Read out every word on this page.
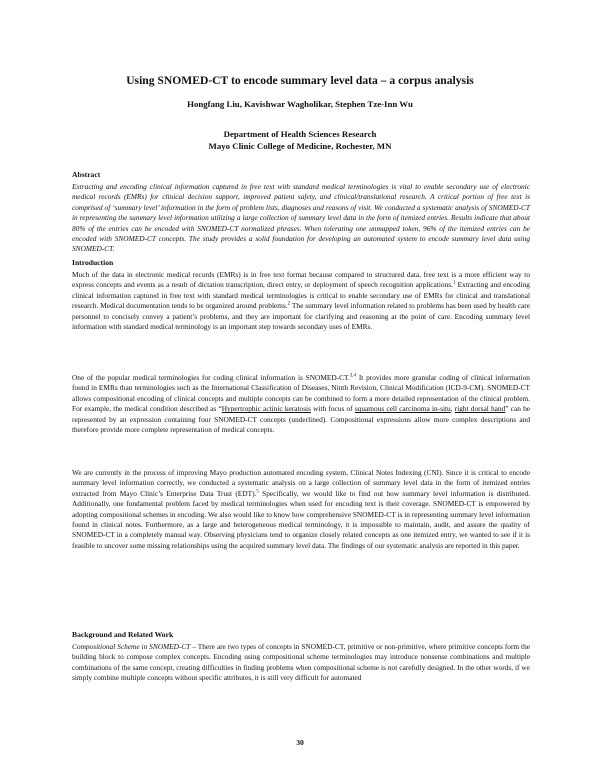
Using SNOMED-CT to encode summary level data – a corpus analysis
Hongfang Liu, Kavishwar Wagholikar, Stephen Tze-Inn Wu
Department of Health Sciences Research
Mayo Clinic College of Medicine, Rochester, MN
Abstract

Extracting and encoding clinical information captured in free text with standard medical terminologies is vital to enable secondary use of electronic medical records (EMRs) for clinical decision support, improved patient safety, and clinical/translational research. A critical portion of free text is comprised of ‘summary level’ information in the form of problem lists, diagnoses and reasons of visit. We conducted a systematic analysis of SNOMED-CT in representing the summary level information utilizing a large collection of summary level data in the form of itemized entries. Results indicate that about 80% of the entries can be encoded with SNOMED-CT normalized phrases. When tolerating one unmapped token, 96% of the itemized entries can be encoded with SNOMED-CT concepts. The study provides a solid foundation for developing an automated system to encode summary level data using SNOMED-CT.

Introduction

Much of the data in electronic medical records (EMRs) is in free text format because compared to structured data, free text is a more efficient way to express concepts and events as a result of dictation transcription, direct entry, or deployment of speech recognition applications.$^1$ Extracting and encoding clinical information captured in free text with standard medical terminologies is critical to enable secondary use of EMRs for clinical and translational research. Medical documentation tends to be organized around problems.$^2$ The summary level information related to problems has been used by health care personnel to concisely convey a patient’s problems, and they are important for clarifying and reasoning at the point of care. Encoding summary level information with standard medical terminology is an important step towards secondary uses of EMRs.

One of the popular medical terminologies for coding clinical information is SNOMED-CT.$^{3,4}$ It provides more granular coding of clinical information found in EMRs than terminologies such as the International Classification of Diseases, Ninth Revision, Clinical Modification (ICD-9-CM). SNOMED-CT allows compositional encoding of clinical concepts and multiple concepts can be combined to form a more detailed representation of the clinical problem. For example, the medical condition described as “Hypertrophic actinic keratosis with focus of squamous cell carcinoma in-situ, right dorsal hand” can be represented by an expression containing four SNOMED-CT concepts (underlined). Compositional expressions allow more complex descriptions and therefore provide more complete representation of medical concepts.

We are currently in the process of improving Mayo production automated encoding system, Clinical Notes Indexing (CNI). Since it is critical to encode summary level information correctly, we conducted a systematic analysis on a large collection of summary level data in the form of itemized entries extracted from Mayo Clinic’s Enterprise Data Trust (EDT).$^5$ Specifically, we would like to find out how summary level information is distributed. Additionally, one fundamental problem faced by medical terminologies when used for encoding text is their coverage. SNOMED-CT is empowered by adopting compositional schemes in encoding. We also would like to know how comprehensive SNOMED-CT is in representing summary level information found in clinical notes. Furthermore, as a large and heterogeneous medical terminology, it is impossible to maintain, audit, and assure the quality of SNOMED-CT in a completely manual way. Observing physicians tend to organize closely related concepts as one itemized entry, we wanted to see if it is feasible to uncover some missing relationships using the acquired summary level data. The findings of our systematic analysis are reported in this paper.

Background and Related Work

Compositional Scheme in SNOMED-CT – There are two types of concepts in SNOMED-CT, primitive or non-primitive, where primitive concepts form the building block to compose complex concepts. Encoding using compositional scheme terminologies may introduce nonsense combinations and multiple combinations of the same concept, creating difficulties in finding problems when compositional scheme is not carefully designed. In the other words, if we simply combine multiple concepts without specific attributes, it is still very difficult for automated

30
